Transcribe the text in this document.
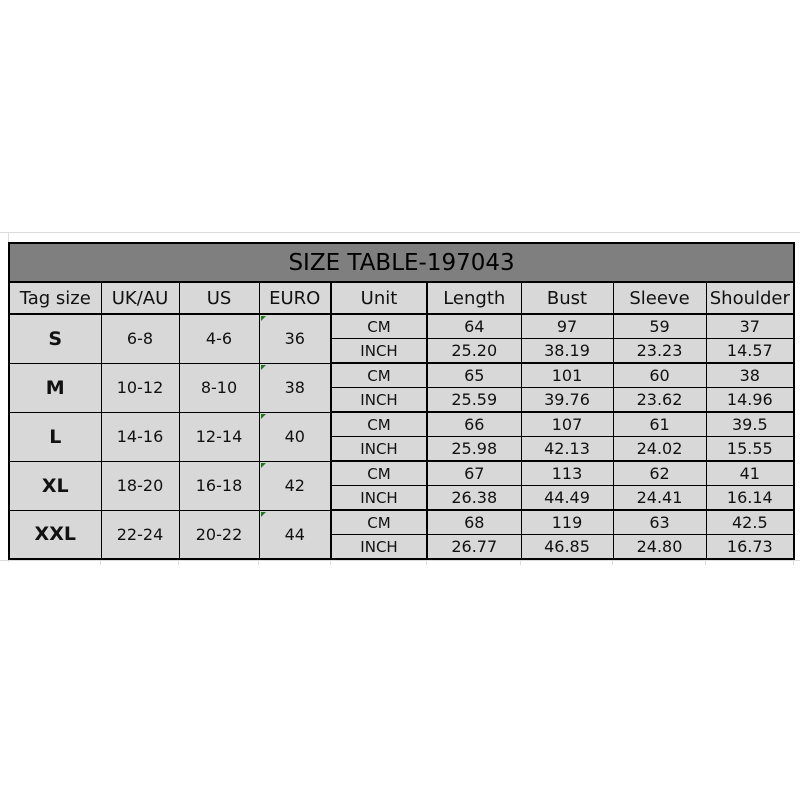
SIZE TABLE-197043								
Tag size	UK/AU	US	EURO	Unit	Length	Bust	Sleeve	Shoulder
S	6-8	4-6	36	CM	64	97	59	37
				INCH	25.20	38.19	23.23	14.57
M	10-12	8-10	38	CM	65	101	60	38
				INCH	25.59	39.76	23.62	14.96
L	14-16	12-14	40	CM	66	107	61	39.5
				INCH	25.98	42.13	24.02	15.55
XL	18-20	16-18	42	CM	67	113	62	41
				INCH	26.38	44.49	24.41	16.14
XXL	22-24	20-22	44	CM	68	119	63	42.5
				INCH	26.77	46.85	24.80	16.73
